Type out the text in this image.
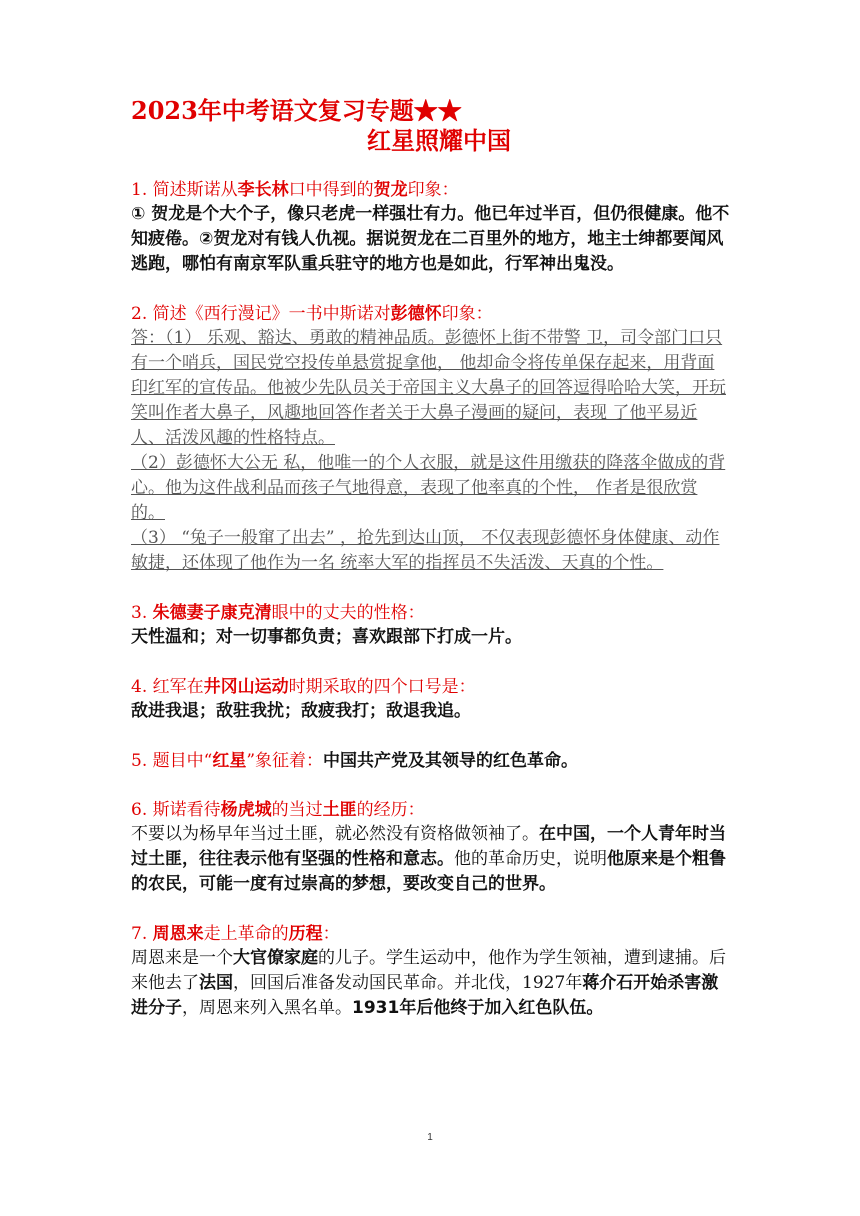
2023年中考语文复习专题★★

红星照耀中国

1. 简述斯诺从李长林口中得到的贺龙印象：

① 贺龙是个大个子，像只老虎一样强壮有力。他已年过半百，但仍很健康。他不知疲倦。②贺龙对有钱人仇视。据说贺龙在二百里外的地方，地主士绅都要闻风逃跑，哪怕有南京军队重兵驻守的地方也是如此，行军神出鬼没。

2. 简述《西行漫记》一书中斯诺对彭德怀印象：

答：（1） 乐观、豁达、勇敢的精神品质。彭德怀上街不带警 卫，司令部门口只有一个哨兵，国民党空投传单悬赏捉拿他， 他却命令将传单保存起来，用背面印红军的宣传品。他被少先队员关于帝国主义大鼻子的回答逗得哈哈大笑，开玩笑叫作者大鼻子，风趣地回答作者关于大鼻子漫画的疑问，表现 了他平易近人、活泼风趣的性格特点。

（2）彭德怀大公无 私，他唯一的个人衣服，就是这件用缴获的降落伞做成的背心。他为这件战利品而孩子气地得意，表现了他率真的个性， 作者是很欣赏的。

（3） “兔子一般窜了出去” ，抢先到达山顶， 不仅表现彭德怀身体健康、动作敏捷，还体现了他作为一名 统率大军的指挥员不失活泼、天真的个性。

3. 朱德妻子康克清眼中的丈夫的性格：

天性温和；对一切事都负责；喜欢跟部下打成一片。

4. 红军在井冈山运动时期采取的四个口号是：

敌进我退；敌驻我扰；敌疲我打；敌退我追。

5. 题目中“红星”象征着：中国共产党及其领导的红色革命。

6. 斯诺看待杨虎城的当过土匪的经历：

不要以为杨早年当过土匪，就必然没有资格做领袖了。在中国，一个人青年时当过土匪，往往表示他有坚强的性格和意志。他的革命历史，说明他原来是个粗鲁的农民，可能一度有过崇高的梦想，要改变自己的世界。

7. 周恩来走上革命的历程：

周恩来是一个大官僚家庭的儿子。学生运动中，他作为学生领袖，遭到逮捕。后来他去了法国，回国后准备发动国民革命。并北伐，1927年蒋介石开始杀害激进分子，周恩来列入黑名单。1931年后他终于加入红色队伍。

1
